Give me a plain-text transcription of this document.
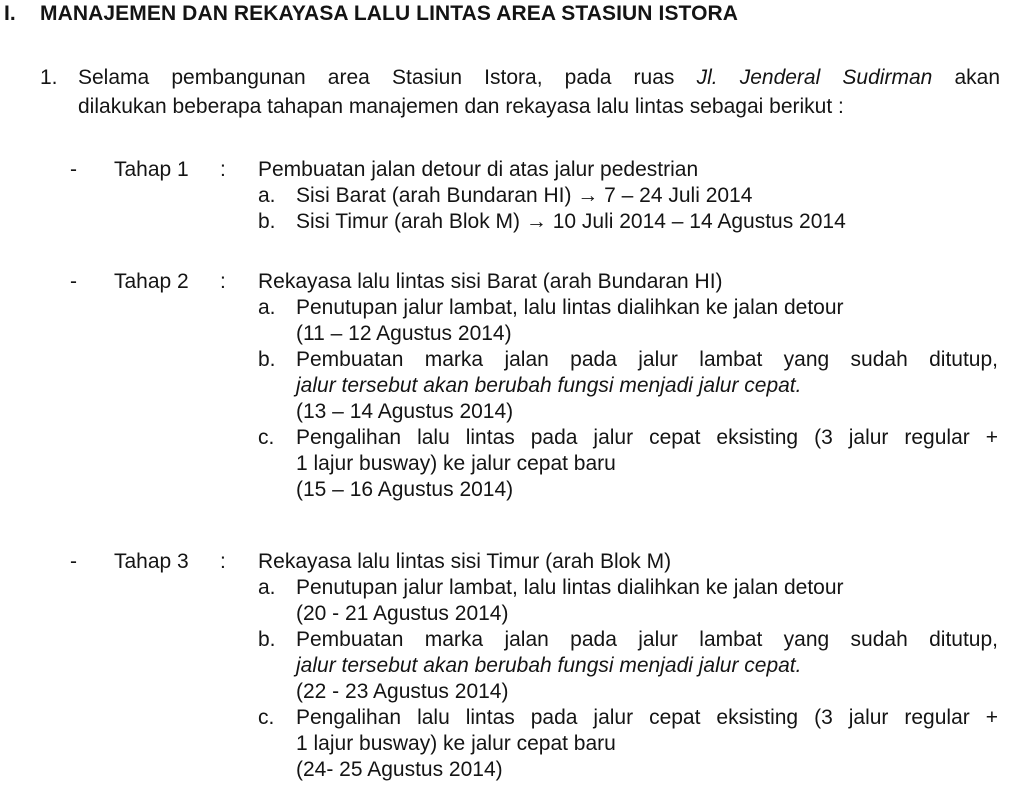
I. MANAJEMEN DAN REKAYASA LALU LINTAS AREA STASIUN ISTORA
1. Selama pembangunan area Stasiun Istora, pada ruas Jl. Jenderal Sudirman akan
dilakukan beberapa tahapan manajemen dan rekayasa lalu lintas sebagai berikut :
- Tahap 1 : Pembuatan jalan detour di atas jalur pedestrian
a. Sisi Barat (arah Bundaran HI) → 7 – 24 Juli 2014
b. Sisi Timur (arah Blok M) → 10 Juli 2014 – 14 Agustus 2014
- Tahap 2 : Rekayasa lalu lintas sisi Barat (arah Bundaran HI)
a. Penutupan jalur lambat, lalu lintas dialihkan ke jalan detour
(11 – 12 Agustus 2014)
b. Pembuatan marka jalan pada jalur lambat yang sudah ditutup,
jalur tersebut akan berubah fungsi menjadi jalur cepat.
(13 – 14 Agustus 2014)
c. Pengalihan lalu lintas pada jalur cepat eksisting (3 jalur regular +
1 lajur busway) ke jalur cepat baru
(15 – 16 Agustus 2014)
- Tahap 3 : Rekayasa lalu lintas sisi Timur (arah Blok M)
a. Penutupan jalur lambat, lalu lintas dialihkan ke jalan detour
(20 - 21 Agustus 2014)
b. Pembuatan marka jalan pada jalur lambat yang sudah ditutup,
jalur tersebut akan berubah fungsi menjadi jalur cepat.
(22 - 23 Agustus 2014)
c. Pengalihan lalu lintas pada jalur cepat eksisting (3 jalur regular +
1 lajur busway) ke jalur cepat baru
(24- 25 Agustus 2014)
